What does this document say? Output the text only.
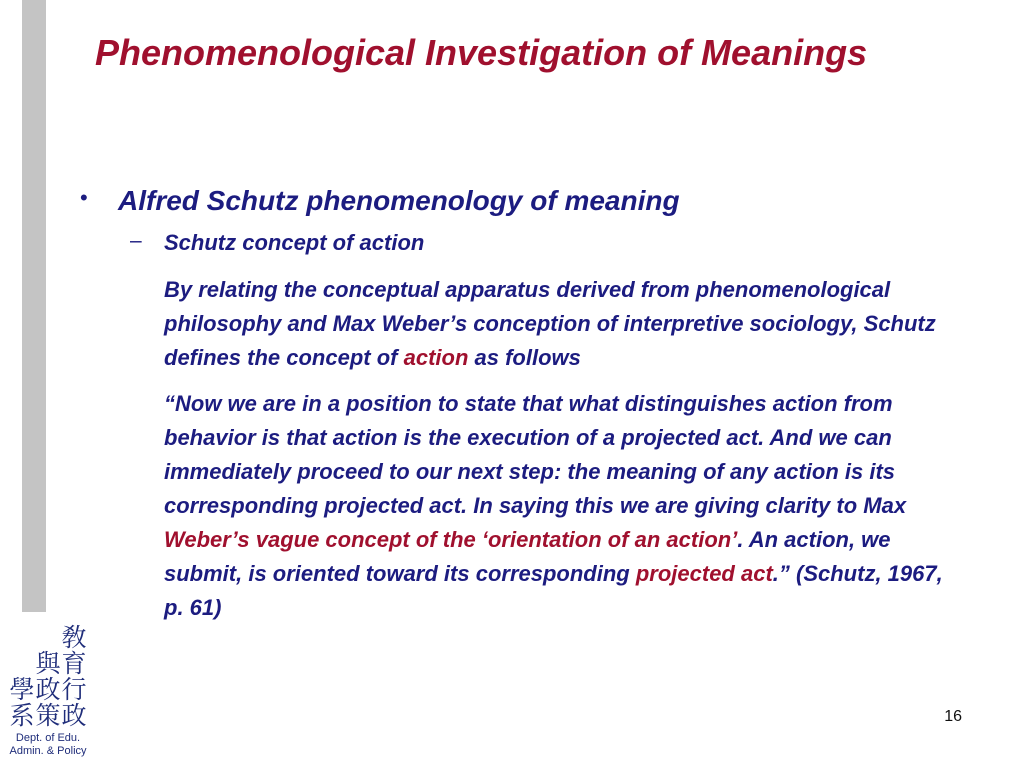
敎
育
與
行
政
政
學
策
系
Dept. of Edu.
Admin. & Policy
Phenomenological Investigation of Meanings
• Alfred Schutz phenomenology of meaning
– Schutz concept of action
By relating the conceptual apparatus derived from phenomenological philosophy and Max Weber’s conception of interpretive sociology, Schutz defines the concept of action as follows
“Now we are in a position to state that what distinguishes action from behavior is that action is the execution of a projected act. And we can immediately proceed to our next step: the meaning of any action is its corresponding projected act. In saying this we are giving clarity to Max Weber’s vague concept of the ‘orientation of an action’. An action, we submit, is oriented toward its corresponding projected act.” (Schutz, 1967, p. 61)
16
